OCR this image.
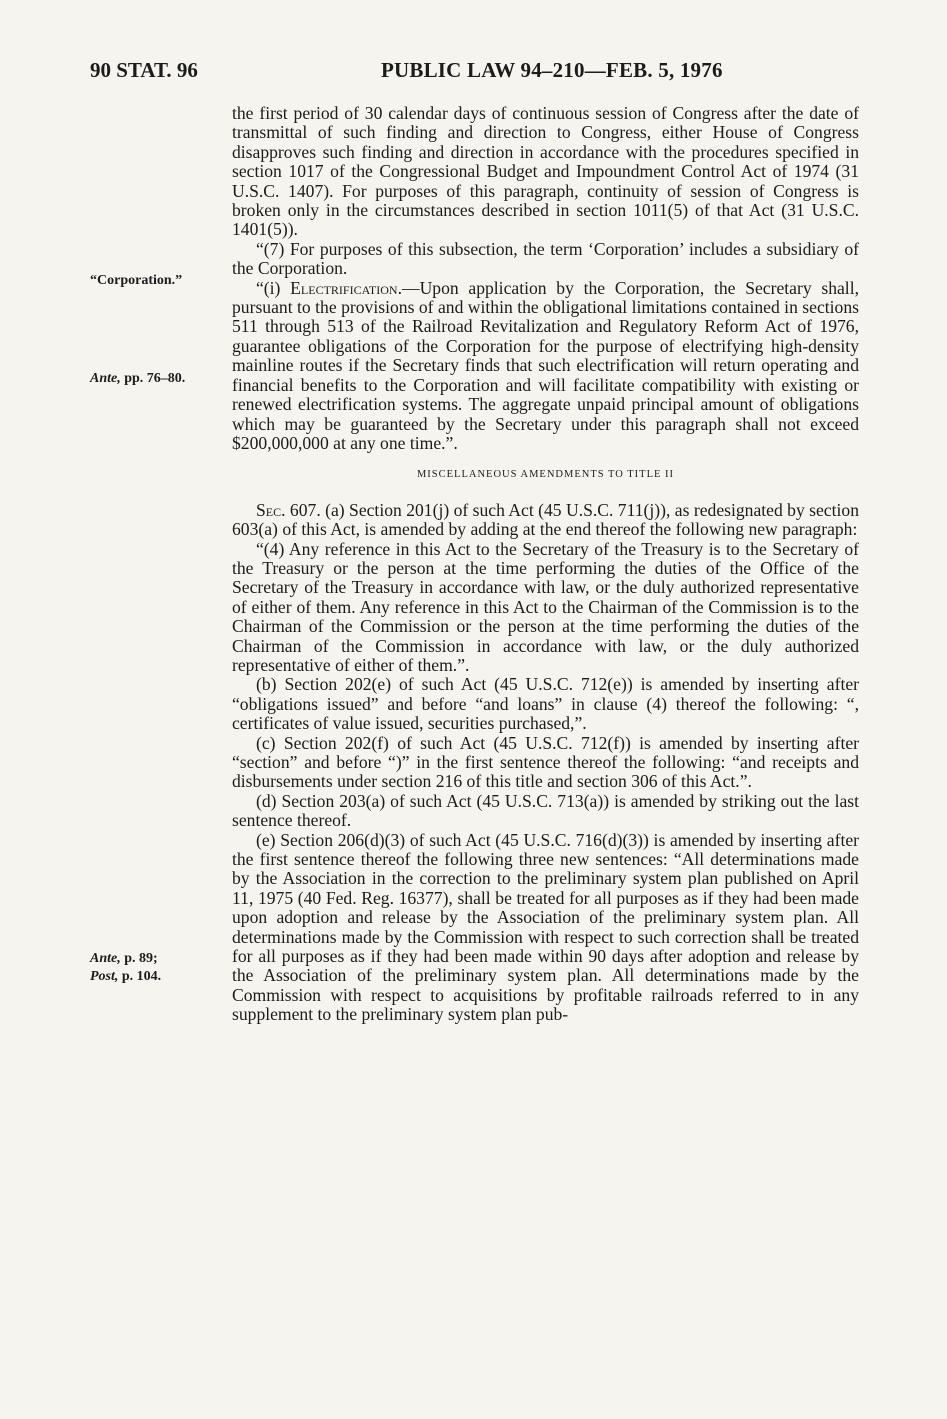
90 STAT. 96	PUBLIC LAW 94–210—FEB. 5, 1976
“Corporation.”
Ante, pp. 76–80.
Ante, p. 89;
Post, p. 104.

the first period of 30 calendar days of continuous session of Congress after the date of transmittal of such finding and direction to Congress, either House of Congress disapproves such finding and direction in accordance with the procedures specified in section 1017 of the Congressional Budget and Impoundment Control Act of 1974 (31 U.S.C. 1407). For purposes of this paragraph, continuity of session of Congress is broken only in the circumstances described in section 1011(5) of that Act (31 U.S.C. 1401(5)).

“(7) For purposes of this subsection, the term ‘Corporation’ includes a subsidiary of the Corporation.

“(i) Electrification.—Upon application by the Corporation, the Secretary shall, pursuant to the provisions of and within the obligational limitations contained in sections 511 through 513 of the Railroad Revitalization and Regulatory Reform Act of 1976, guarantee obligations of the Corporation for the purpose of electrifying high-density mainline routes if the Secretary finds that such electrification will return operating and financial benefits to the Corporation and will facilitate compatibility with existing or renewed electrification systems. The aggregate unpaid principal amount of obligations which may be guaranteed by the Secretary under this paragraph shall not exceed $200,000,000 at any one time.”.

MISCELLANEOUS AMENDMENTS TO TITLE II

Sec. 607. (a) Section 201(j) of such Act (45 U.S.C. 711(j)), as redesignated by section 603(a) of this Act, is amended by adding at the end thereof the following new paragraph:

“(4) Any reference in this Act to the Secretary of the Treasury is to the Secretary of the Treasury or the person at the time performing the duties of the Office of the Secretary of the Treasury in accordance with law, or the duly authorized representative of either of them. Any reference in this Act to the Chairman of the Commission is to the Chairman of the Commission or the person at the time performing the duties of the Chairman of the Commission in accordance with law, or the duly authorized representative of either of them.”.

(b) Section 202(e) of such Act (45 U.S.C. 712(e)) is amended by inserting after “obligations issued” and before “and loans” in clause (4) thereof the following: “, certificates of value issued, securities purchased,”.

(c) Section 202(f) of such Act (45 U.S.C. 712(f)) is amended by inserting after “section” and before “)” in the first sentence thereof the following: “and receipts and disbursements under section 216 of this title and section 306 of this Act.”.

(d) Section 203(a) of such Act (45 U.S.C. 713(a)) is amended by striking out the last sentence thereof.

(e) Section 206(d)(3) of such Act (45 U.S.C. 716(d)(3)) is amended by inserting after the first sentence thereof the following three new sentences: “All determinations made by the Association in the correction to the preliminary system plan published on April 11, 1975 (40 Fed. Reg. 16377), shall be treated for all purposes as if they had been made upon adoption and release by the Association of the preliminary system plan. All determinations made by the Commission with respect to such correction shall be treated for all purposes as if they had been made within 90 days after adoption and release by the Association of the preliminary system plan. All determinations made by the Commission with respect to acquisitions by profitable railroads referred to in any supplement to the preliminary system plan pub-
